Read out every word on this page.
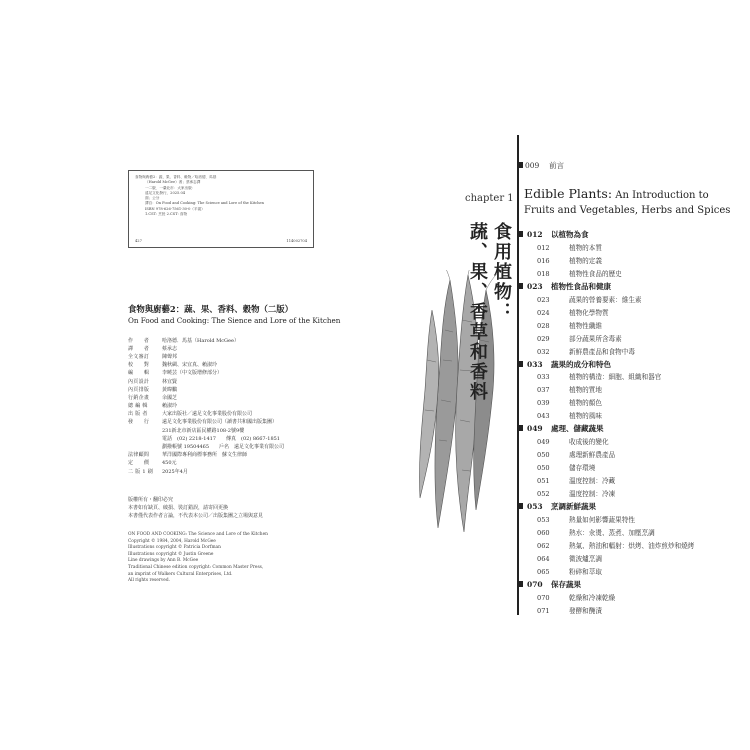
食物與廚藝2：蔬、果、香料、穀物／哈洛德．馬基
（Harold McGee）著；蔡承志譯
一二版．一臺北市：大家出版：
遠足文化發行，2025.04
面；公分
譯自：On Food and Cooking: The Science and Lore of the Kitchen
ISBN 978-626-7561-30-0（平裝）
1.CST: 烹飪 2.CST: 食物
427	114002704
食物與廚藝2：蔬、果、香料、穀物（二版）
On Food and Cooking: The Sience and Lore of the Kitchen
作　　者	哈洛德．馬基（Harold McGee）
譯　　者	蔡承志
全文審訂	陳聲邦
校　　對	魏秋綢、宋宜真、賴淑玲
編　　輯	李曉芸（中文版增修部分）
內頁設計	林宜賢
內頁排版	黃暐鵬
行銷企畫	余國芝
總 編 輯	賴淑玲
出 版 者	大家出版社／遠足文化事業股份有限公司
發　　行	遠足文化事業股份有限公司（讀書共和國出版集團）
231新北市新店區民權路108-2號9樓
電話　(02) 2218-1417　　傳真　(02) 8667-1851
劃撥帳號 19504465　　戶名　遠足文化事業有限公司
法律顧問	華洋國際專利商標事務所　蘇文生律師
定　　價	450元
二 版 1 刷	2025年4月
版權所有・翻印必究
本書如有缺頁、破損、裝訂錯誤，請寄回更換
本書僅代表作者言論，不代表本公司／出版集團之立場與意見
ON FOOD AND COOKING: The Science and Lore of the Kitchen
Copyright © 1984, 2004, Harold McGee
Illustrations copyright © Patricia Dorfman
Illustrations copyright © Justin Greene
Line drawings by Ann B. McGee
Traditional Chinese edition copyright: Common Master Press,
an imprint of Walkers Cultural Enterprises, Ltd.
All rights reserved.
chapter 1 Edible Plants: An Introduction to
Fruits and Vegetables, Herbs and Spices
食用植物：
蔬、果、香草和香料
009 前言
012 以植物為食
012	植物的本質
016	植物的定義
018	植物性食品的歷史
023 植物性食品和健康
023	蔬果的營養要素：維生素
024	植物化學物質
028	植物性纖維
029	部分蔬果所含毒素
032	新鮮農產品和食物中毒
033 蔬果的成分和特色
033	植物的構造：細胞、組織和器官
037	植物的質地
039	植物的顏色
043	植物的風味
049 處理、儲藏蔬果
049	收成後的變化
050	處理新鮮農產品
050	儲存環境
051	溫度控制：冷藏
052	溫度控制：冷凍
053 烹調新鮮蔬果
053	熱量如何影響蔬果特性
060	熱水：汆燙、蒸煮、加壓烹調
062	熱氣、熱油和輻射：烘烤、油炸煎炒和燒烤
064	微波爐烹調
065	粉碎和萃取
070 保存蔬果
070	乾燥和冷凍乾燥
071	發酵和醃漬
